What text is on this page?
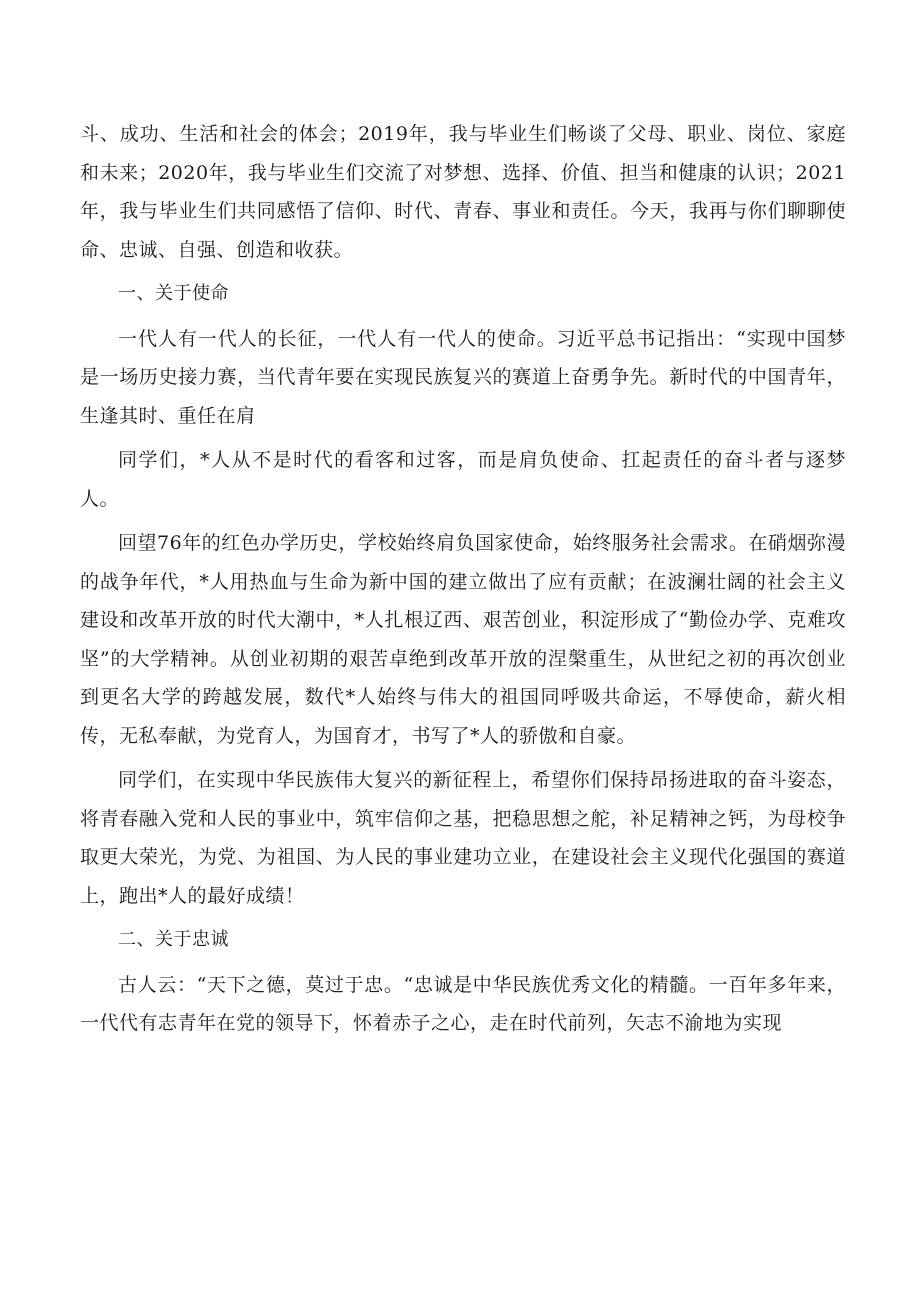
斗、成功、生活和社会的体会；2019年，我与毕业生们畅谈了父母、职业、岗位、家庭和未来；2020年，我与毕业生们交流了对梦想、选择、价值、担当和健康的认识；2021年，我与毕业生们共同感悟了信仰、时代、青春、事业和责任。今天，我再与你们聊聊使命、忠诚、自强、创造和收获。

一、关于使命

一代人有一代人的长征，一代人有一代人的使命。习近平总书记指出：“实现中国梦是一场历史接力赛，当代青年要在实现民族复兴的赛道上奋勇争先。新时代的中国青年，生逢其时、重任在肩

同学们，*人从不是时代的看客和过客，而是肩负使命、扛起责任的奋斗者与逐梦人。

回望76年的红色办学历史，学校始终肩负国家使命，始终服务社会需求。在硝烟弥漫的战争年代，*人用热血与生命为新中国的建立做出了应有贡献；在波澜壮阔的社会主义建设和改革开放的时代大潮中，*人扎根辽西、艰苦创业，积淀形成了“勤俭办学、克难攻坚”的大学精神。从创业初期的艰苦卓绝到改革开放的涅槃重生，从世纪之初的再次创业到更名大学的跨越发展，数代*人始终与伟大的祖国同呼吸共命运，不辱使命，薪火相传，无私奉献，为党育人，为国育才，书写了*人的骄傲和自豪。

同学们，在实现中华民族伟大复兴的新征程上，希望你们保持昂扬进取的奋斗姿态，将青春融入党和人民的事业中，筑牢信仰之基，把稳思想之舵，补足精神之钙，为母校争取更大荣光，为党、为祖国、为人民的事业建功立业，在建设社会主义现代化强国的赛道上，跑出*人的最好成绩！

二、关于忠诚

古人云：“天下之德，莫过于忠。“忠诚是中华民族优秀文化的精髓。一百年多年来，一代代有志青年在党的领导下，怀着赤子之心，走在时代前列，矢志不渝地为实现
